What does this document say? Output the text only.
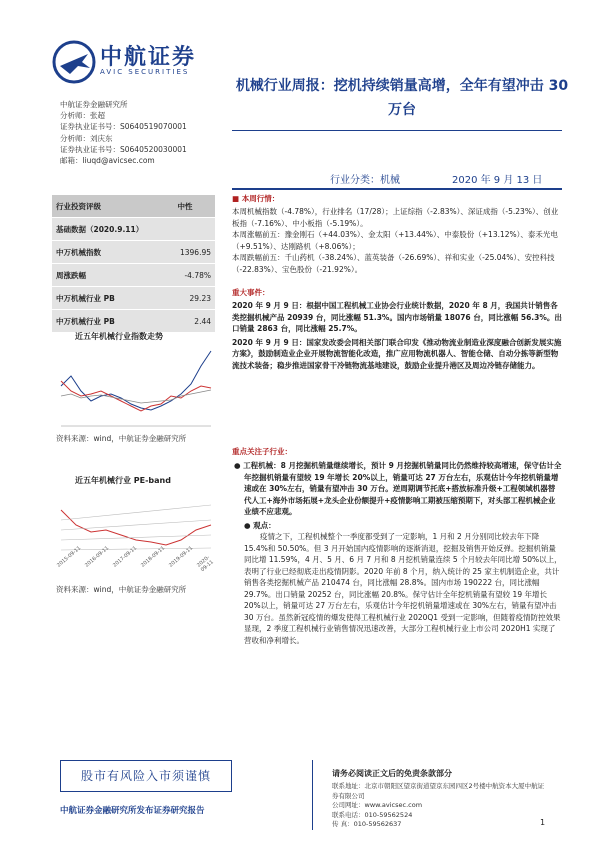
中航证券
AVIC SECURITIES
中航证券金融研究所
分析师：张超
证券执业证书号：S0640519070001
分析师：刘庆东
证券执业证书号：S0640520030001
邮箱：liuqd@avicsec.com
机械行业周报：挖机持续销量高增，全年有望冲击 30 万台
行业分类：机械	2020 年 9 月 13 日
行业投资评级	中性
基础数据（2020.9.11）	
中万机械指数	1396.95
周涨跌幅	-4.78%
中万机械行业 PB	29.23
中万机械行业 PB	2.44
近五年机械行业指数走势
资料来源：wind，中航证券金融研究所
近五年机械行业 PE-band
2015-09-11 2016-09-11 2017-09-11 2018-09-11 2019-09-11 2020-09-11
资料来源：wind，中航证券金融研究所
■ 本周行情：
本周机械指数（-4.78%），行业排名（17/28）；上证综指（-2.83%）、深证成指（-5.23%）、创业板指（-7.16%）、中小板指（-5.19%）。
本周涨幅前五：豫金刚石（+44.03%）、金太阳（+13.44%）、中泰股份（+13.12%）、泰禾光电（+9.51%）、达刚路机（+8.06%）；
本周跌幅前五：千山药机（-38.24%）、蓝英装备（-26.69%）、祥和实业（-25.04%）、安控科技（-22.83%）、宝色股份（-21.92%）。
重大事件：
2020 年 9 月 9 日：根据中国工程机械工业协会行业统计数据，2020 年 8 月，我国共计销售各类挖掘机械产品 20939 台，同比涨幅 51.3%。国内市场销量 18076 台，同比涨幅 56.3%。出口销量 2863 台，同比涨幅 25.7%。
2020 年 9 月 9 日：国家发改委会同相关部门联合印发《推动物流业制造业深度融合创新发展实施方案》，鼓励制造业企业开展物流智能化改造，推广应用物流机器人、智能仓储、自动分拣等新型物流技术装备；稳步推进国家骨干冷链物流基地建设，鼓励企业提升港区及周边冷链存储能力。
重点关注子行业：
● 工程机械：8 月挖掘机销量继续增长，预计 9 月挖掘机销量同比仍然维持较高增速，保守估计全年挖掘机销量有望较 19 年增长 20%以上，销量可达 27 万台左右，乐观估计今年挖机销量增速或在 30%左右，销量有望冲击 30 万台。逆周期调节托底+搭放标准升级+工程领域机器替代人工+海外市场拓展+龙头企业份额提升+疫情影响工期被压缩预期下，对头部工程机械企业业绩不应悲观。
● 观点：
疫情之下，工程机械整个一季度都受到了一定影响，1 月和 2 月分别同比较去年下降 15.4%和 50.50%。但 3 月开始国内疫情影响的逐渐消退，挖掘及销售开始反弹。挖掘机销量同比增 11.59%，4 月、5 月、6 月 7 月和 8 月挖机销量连续 5 个月较去年同比增 50%以上，表明了行业已经彻底走出疫情阴影。2020 年前 8 个月，纳入统计的 25 家主机制造企业，共计销售各类挖掘机械产品 210474 台，同比涨幅 28.8%。国内市场 190222 台，同比涨幅 29.7%。出口销量 20252 台，同比涨幅 20.8%。保守估计全年挖机销量有望较 19 年增长 20%以上，销量可达 27 万台左右，乐观估计今年挖机销量增速或在 30%左右，销量有望冲击 30 万台。虽然新冠疫情的爆发使得工程机械行业 2020Q1 受到一定影响，但随着疫情防控效果显现，2 季度工程机械行业销售情况迅速改善，大部分工程机械行业上市公司 2020H1 实现了营收和净利增长。
股市有风险入市须谨慎
中航证券金融研究所发布证券研究报告
请务必阅读正文后的免责条款部分
联系地址：北京市朝阳区望京街道望京东园四区2号楼中航资本大厦中航证券有限公司
公司网址：www.avicsec.com
联系电话：010-59562524
传 真：010-59562637	1
